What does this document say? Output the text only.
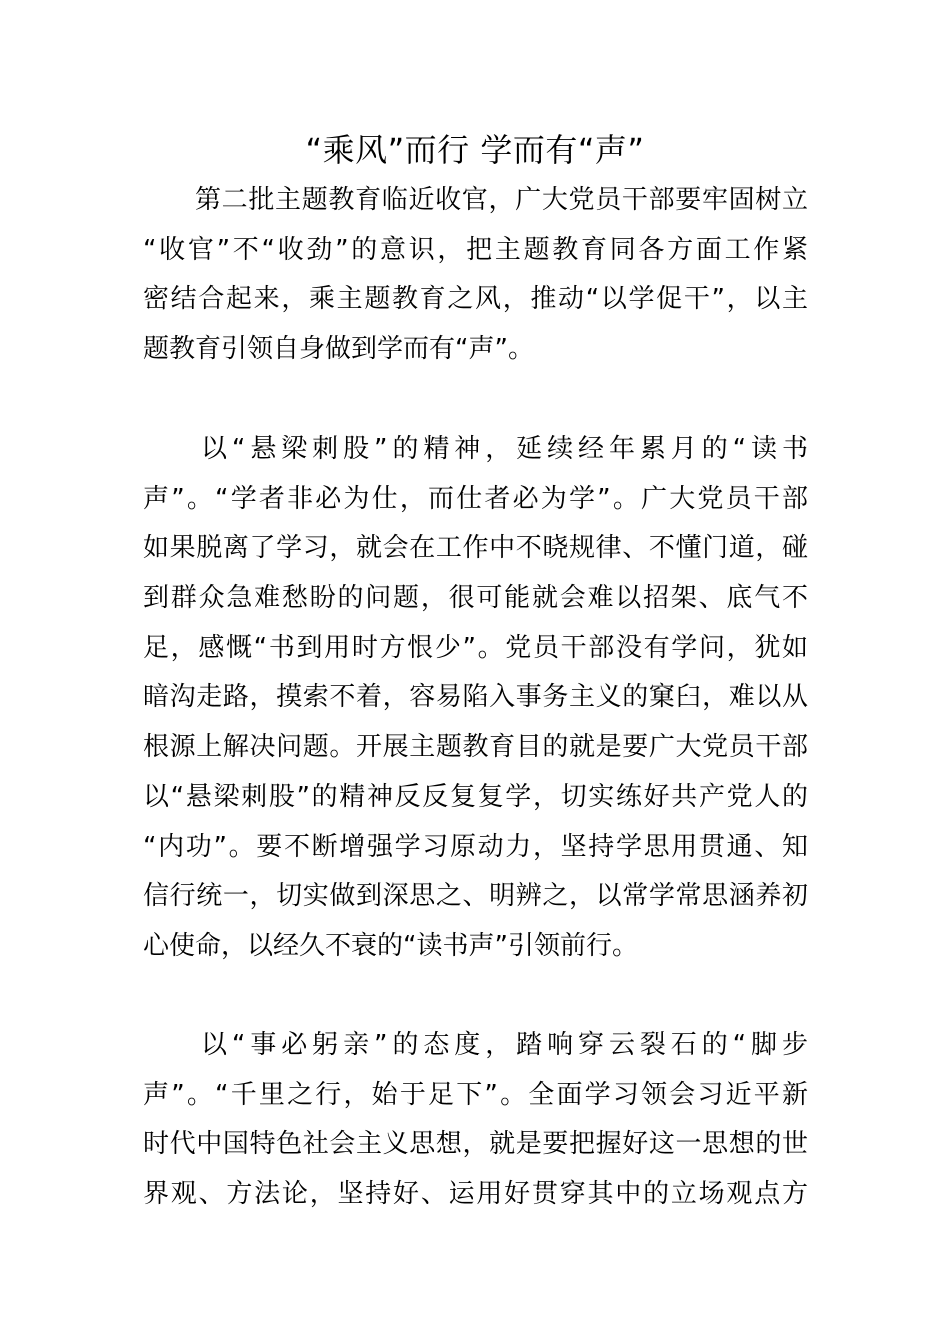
“乘风”而行 学而有“声”
第二批主题教育临近收官，广大党员干部要牢固树立
“收官”不“收劲”的意识，把主题教育同各方面工作紧
密结合起来，乘主题教育之风，推动“以学促干”，以主
题教育引领自身做到学而有“声”。
以“悬梁刺股”的精神，延续经年累月的“读书
声”。“学者非必为仕，而仕者必为学”。广大党员干部
如果脱离了学习，就会在工作中不晓规律、不懂门道，碰
到群众急难愁盼的问题，很可能就会难以招架、底气不
足，感慨“书到用时方恨少”。党员干部没有学问，犹如
暗沟走路，摸索不着，容易陷入事务主义的窠臼，难以从
根源上解决问题。开展主题教育目的就是要广大党员干部
以“悬梁刺股”的精神反反复复学，切实练好共产党人的
“内功”。要不断增强学习原动力，坚持学思用贯通、知
信行统一，切实做到深思之、明辨之，以常学常思涵养初
心使命，以经久不衰的“读书声”引领前行。
以“事必躬亲”的态度，踏响穿云裂石的“脚步
声”。“千里之行，始于足下”。全面学习领会习近平新
时代中国特色社会主义思想，就是要把握好这一思想的世
界观、方法论，坚持好、运用好贯穿其中的立场观点方
